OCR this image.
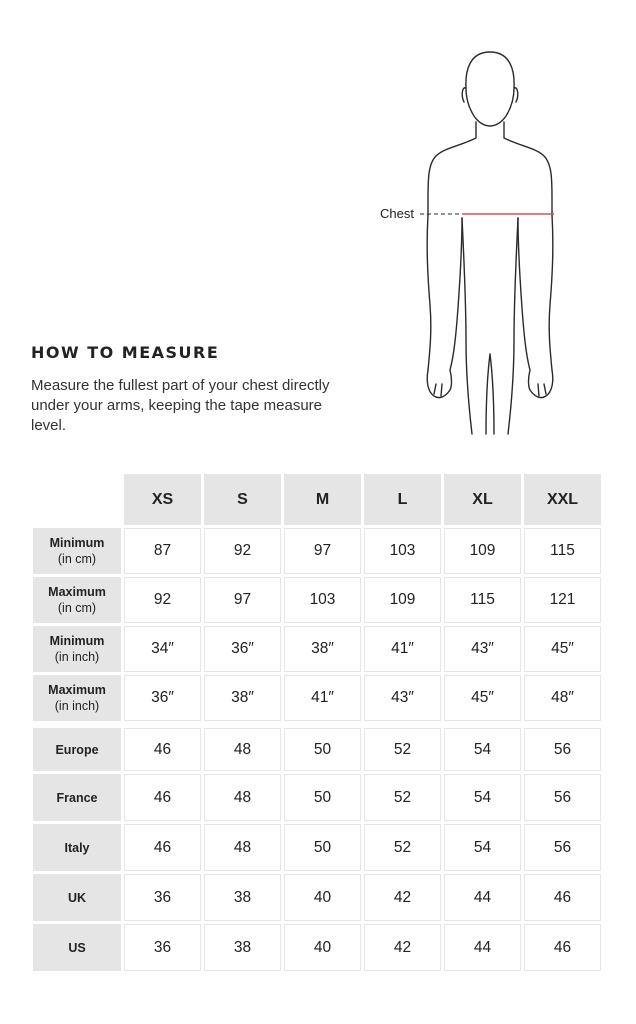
Chest
HOW TO MEASURE

Measure the fullest part of your chest directly under your arms, keeping the tape measure level.

	XS	S	M	L	XL	XXL
Minimum
(in cm)	87	92	97	103	109	115
Maximum
(in cm)	92	97	103	109	115	121
Minimum
(in inch)	34″	36″	38″	41″	43″	45″
Maximum
(in inch)	36″	38″	41″	43″	45″	48″
Europe	46	48	50	52	54	56
France	46	48	50	52	54	56
Italy	46	48	50	52	54	56
UK	36	38	40	42	44	46
US	36	38	40	42	44	46
